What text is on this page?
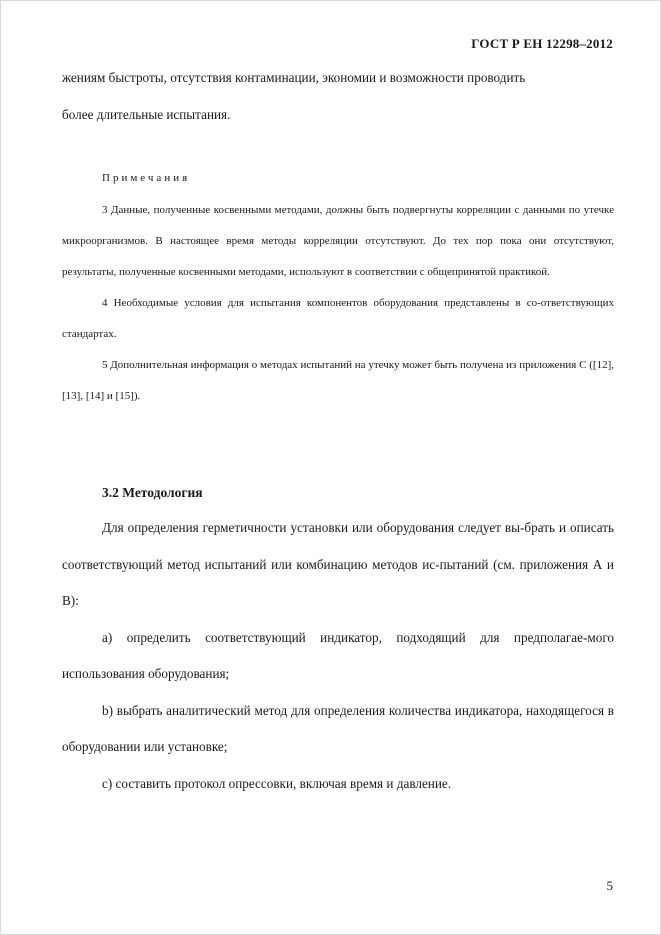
ГОСТ Р ЕН 12298–2012

жениям быстроты, отсутствия контаминации, экономии и возможности проводить

более длительные испытания.

Примечания

3 Данные, полученные косвенными методами, должны быть подвергнуты корреляции с данными по утечке микроорганизмов. В настоящее время методы корреляции отсутствуют. До тех пор пока они отсутствуют, результаты, полученные косвенными методами, используют в соответствии с общепринятой практикой.

4 Необходимые условия для испытания компонентов оборудования представлены в со-ответствующих стандартах.

5 Дополнительная информация о методах испытаний на утечку может быть получена из приложения С ([12], [13], [14] и [15]).

3.2 Методология

Для определения герметичности установки или оборудования следует вы-брать и описать соответствующий метод испытаний или комбинацию методов ис-пытаний (см. приложения А и В):

a) определить соответствующий индикатор, подходящий для предполагае-мого использования оборудования;

b) выбрать аналитический метод для определения количества индикатора, находящегося в оборудовании или установке;

c) составить протокол опрессовки, включая время и давление.

5
